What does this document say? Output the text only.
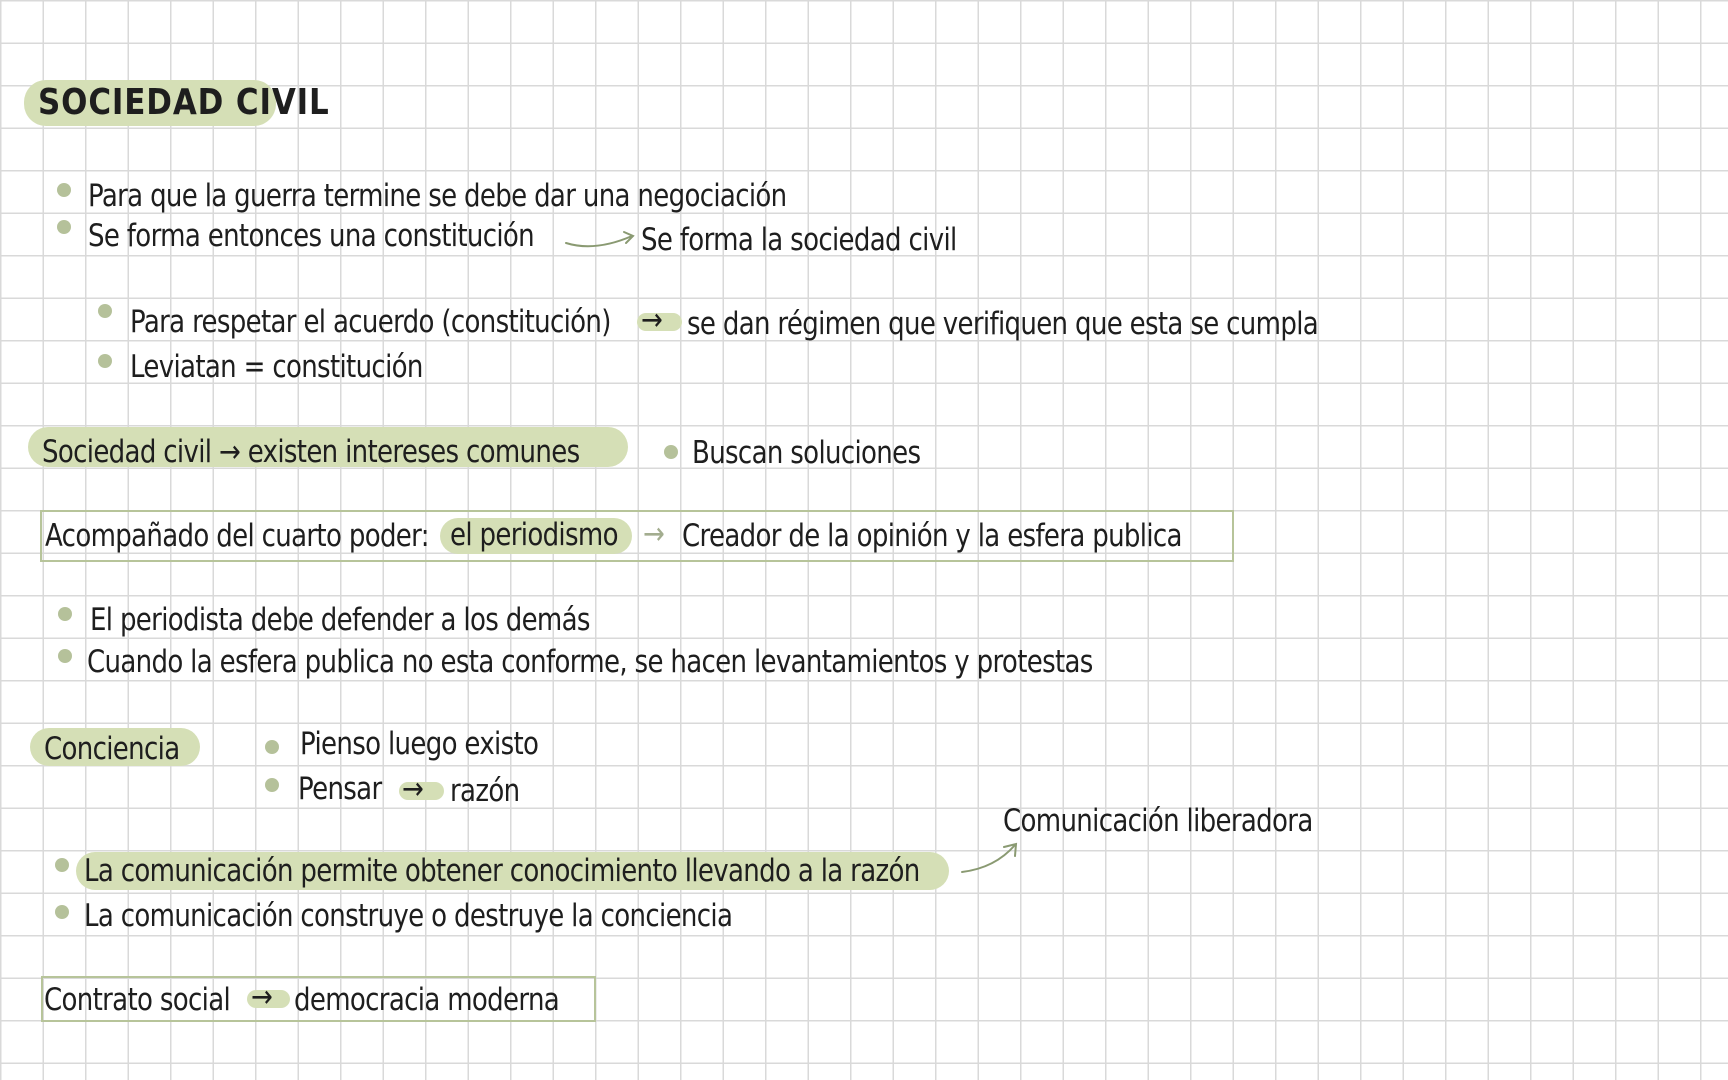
SOCIEDAD CIVIL
Para que la guerra termine se debe dar una negociación
Se forma entonces una constitución	Se forma la sociedad civil
Para respetar el acuerdo (constitución) → se dan régimen que verifiquen que esta se cumpla
Leviatan = constitución
Sociedad civil → existen intereses comunes	Buscan soluciones
Acompañado del cuarto poder: el periodismo → Creador de la opinión y la esfera publica
El periodista debe defender a los demás
Cuando la esfera publica no esta conforme, se hacen levantamientos y protestas
Conciencia	Pienso luego existo
Pensar → razón
Comunicación liberadora
La comunicación permite obtener conocimiento llevando a la razón
La comunicación construye o destruye la conciencia
Contrato social → democracia moderna
